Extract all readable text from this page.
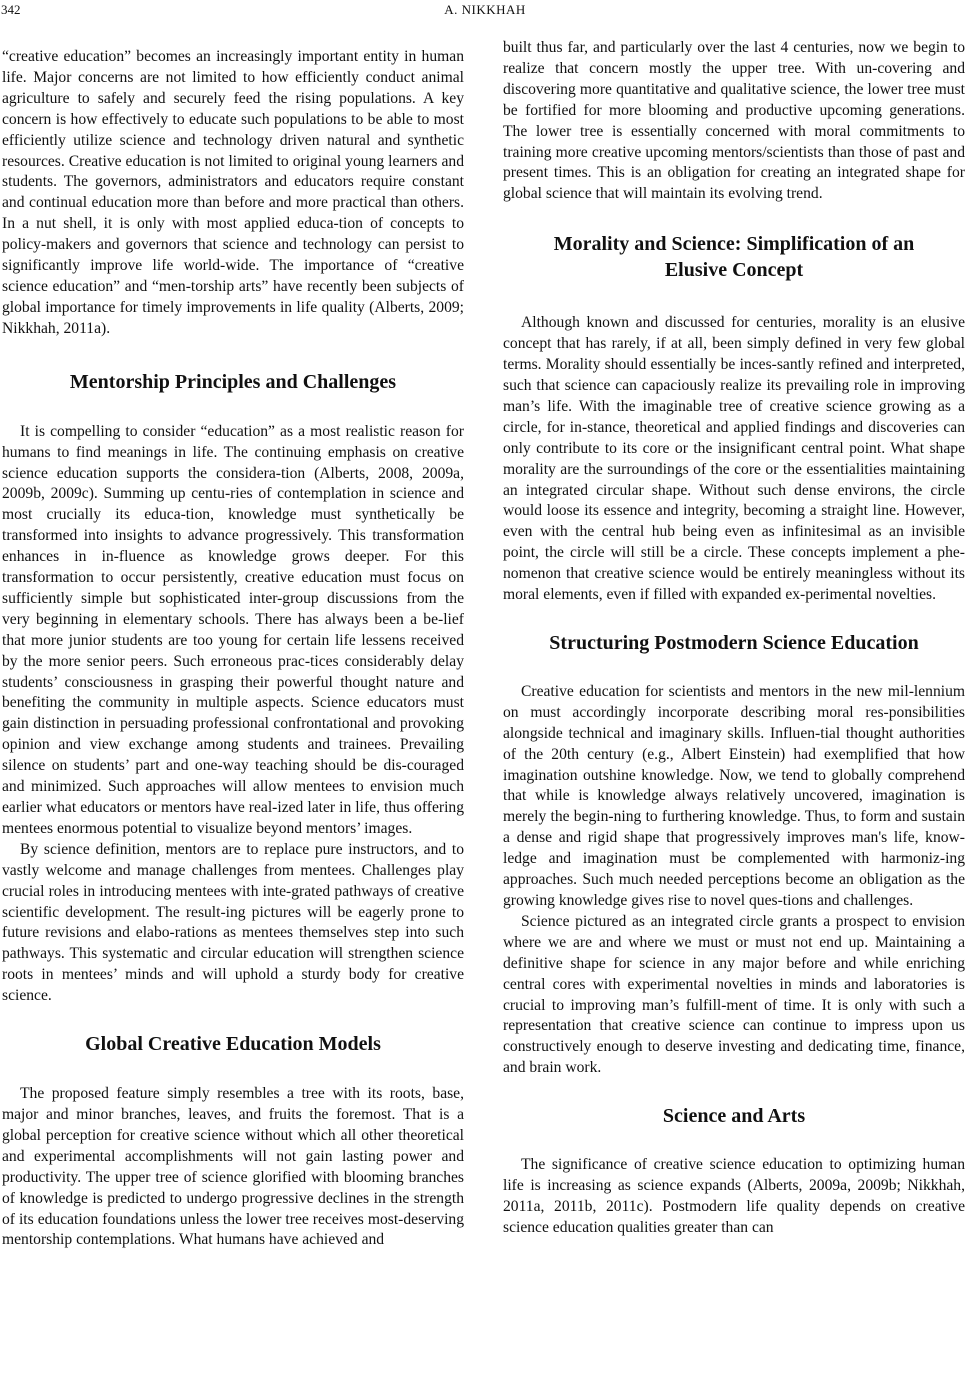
342	A. NIKKHAH

“creative education” becomes an increasingly important entity in human life. Major concerns are not limited to how efficiently conduct animal agriculture to safely and securely feed the rising populations. A key concern is how effectively to educate such populations to be able to most efficiently utilize science and technology driven natural and synthetic resources. Creative education is not limited to original young learners and students. The governors, administrators and educators require constant and continual education more than before and more practical than others. In a nut shell, it is only with most applied educa-tion of concepts to policy-makers and governors that science and technology can persist to significantly improve life world-wide. The importance of “creative science education” and “men-torship arts” have recently been subjects of global importance for timely improvements in life quality (Alberts, 2009; Nikkhah, 2011a).

Mentorship Principles and Challenges

It is compelling to consider “education” as a most realistic reason for humans to find meanings in life. The continuing emphasis on creative science education supports the considera-tion (Alberts, 2008, 2009a, 2009b, 2009c). Summing up centu-ries of contemplation in science and most crucially its educa-tion, knowledge must synthetically be transformed into insights to advance progressively. This transformation enhances in in-fluence as knowledge grows deeper. For this transformation to occur persistently, creative education must focus on sufficiently simple but sophisticated inter-group discussions from the very beginning in elementary schools. There has always been a be-lief that more junior students are too young for certain life lessens received by the more senior peers. Such erroneous prac-tices considerably delay students’ consciousness in grasping their powerful thought nature and benefiting the community in multiple aspects. Science educators must gain distinction in persuading professional confrontational and provoking opinion and view exchange among students and trainees. Prevailing silence on students’ part and one-way teaching should be dis-couraged and minimized. Such approaches will allow mentees to envision much earlier what educators or mentors have real-ized later in life, thus offering mentees enormous potential to visualize beyond mentors’ images.

By science definition, mentors are to replace pure instructors, and to vastly welcome and manage challenges from mentees. Challenges play crucial roles in introducing mentees with inte-grated pathways of creative scientific development. The result-ing pictures will be eagerly prone to future revisions and elabo-rations as mentees themselves step into such pathways. This systematic and circular education will strengthen science roots in mentees’ minds and will uphold a sturdy body for creative science.

Global Creative Education Models

The proposed feature simply resembles a tree with its roots, base, major and minor branches, leaves, and fruits the foremost. That is a global perception for creative science without which all other theoretical and experimental accomplishments will not gain lasting power and productivity. The upper tree of science glorified with blooming branches of knowledge is predicted to undergo progressive declines in the strength of its education foundations unless the lower tree receives most-deserving mentorship contemplations. What humans have achieved and

built thus far, and particularly over the last 4 centuries, now we begin to realize that concern mostly the upper tree. With un-covering and discovering more quantitative and qualitative science, the lower tree must be fortified for more blooming and productive upcoming generations. The lower tree is essentially concerned with moral commitments to training more creative upcoming mentors/scientists than those of past and present times. This is an obligation for creating an integrated shape for global science that will maintain its evolving trend.

Morality and Science: Simplification of an Elusive Concept

Although known and discussed for centuries, morality is an elusive concept that has rarely, if at all, been simply defined in very few global terms. Morality should essentially be inces-santly refined and interpreted, such that science can capaciously realize its prevailing role in improving man’s life. With the imaginable tree of creative science growing as a circle, for in-stance, theoretical and applied findings and discoveries can only contribute to its core or the insignificant central point. What shape morality are the surroundings of the core or the essentialities maintaining an integrated circular shape. Without such dense environs, the circle would loose its essence and integrity, becoming a straight line. However, even with the central hub being even as infinitesimal as an invisible point, the circle will still be a circle. These concepts implement a phe-nomenon that creative science would be entirely meaningless without its moral elements, even if filled with expanded ex-perimental novelties.

Structuring Postmodern Science Education

Creative education for scientists and mentors in the new mil-lennium on must accordingly incorporate describing moral res-ponsibilities alongside technical and imaginary skills. Influen-tial thought authorities of the 20th century (e.g., Albert Einstein) had exemplified that how imagination outshine knowledge. Now, we tend to globally comprehend that while is knowledge always relatively uncovered, imagination is merely the begin-ning to furthering knowledge. Thus, to form and sustain a dense and rigid shape that progressively improves man's life, know-ledge and imagination must be complemented with harmoniz-ing approaches. Such much needed perceptions become an obligation as the growing knowledge gives rise to novel ques-tions and challenges.

Science pictured as an integrated circle grants a prospect to envision where we are and where we must or must not end up. Maintaining a definitive shape for science in any major before and while enriching central cores with experimental novelties in minds and laboratories is crucial to improving man’s fulfill-ment of time. It is only with such a representation that creative science can continue to impress upon us constructively enough to deserve investing and dedicating time, finance, and brain work.

Science and Arts

The significance of creative science education to optimizing human life is increasing as science expands (Alberts, 2009a, 2009b; Nikkhah, 2011a, 2011b, 2011c). Postmodern life quality depends on creative science education qualities greater than can
